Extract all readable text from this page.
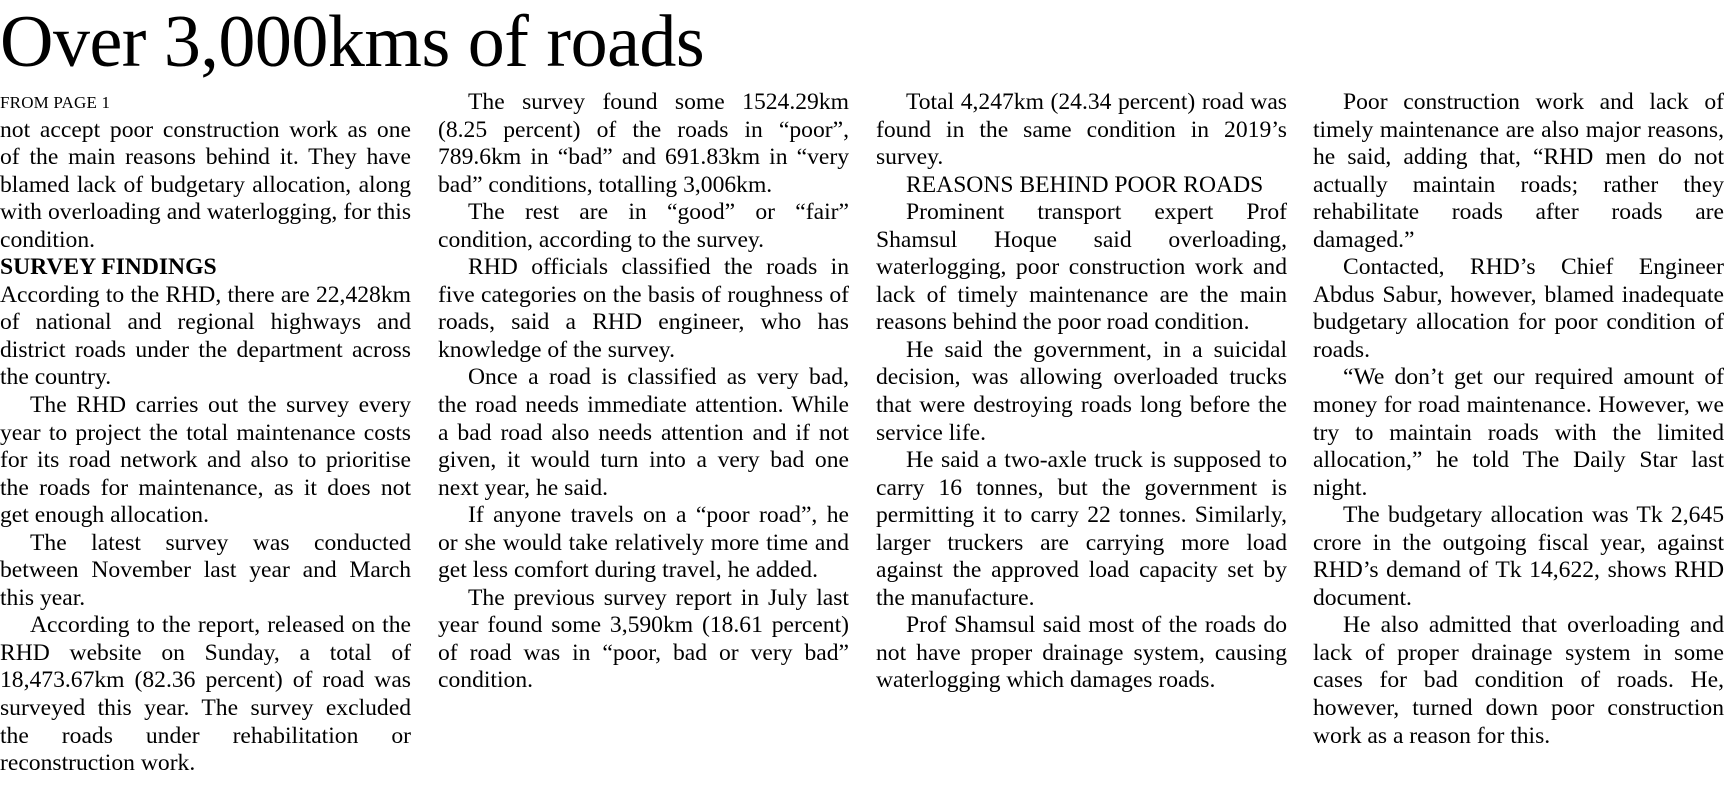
Over 3,000kms of roads

FROM PAGE 1

not accept poor construction work as one of the main reasons behind it. They have blamed lack of budgetary allocation, along with overloading and waterlogging, for this condition.

SURVEY FINDINGS

According to the RHD, there are 22,428km of national and regional highways and district roads under the department across the country.

The RHD carries out the survey every year to project the total maintenance costs for its road network and also to prioritise the roads for maintenance, as it does not get enough allocation.

The latest survey was conducted between November last year and March this year.

According to the report, released on the RHD website on Sunday, a total of 18,473.67km (82.36 percent) of road was surveyed this year. The survey excluded the roads under rehabilitation or reconstruction work.

The survey found some 1524.29km (8.25 percent) of the roads in “poor”, 789.6km in “bad” and 691.83km in “very bad” conditions, totalling 3,006km.

The rest are in “good” or “fair” condition, according to the survey.

RHD officials classified the roads in five categories on the basis of roughness of roads, said a RHD engineer, who has knowledge of the survey.

Once a road is classified as very bad, the road needs immediate attention. While a bad road also needs attention and if not given, it would turn into a very bad one next year, he said.

If anyone travels on a “poor road”, he or she would take relatively more time and get less comfort during travel, he added.

The previous survey report in July last year found some 3,590km (18.61 percent) of road was in “poor, bad or very bad” condition.

Total 4,247km (24.34 percent) road was found in the same condition in 2019’s survey.

REASONS BEHIND POOR ROADS

Prominent transport expert Prof Shamsul Hoque said overloading, waterlogging, poor construction work and lack of timely maintenance are the main reasons behind the poor road condition.

He said the government, in a suicidal decision, was allowing overloaded trucks that were destroying roads long before the service life.

He said a two-axle truck is supposed to carry 16 tonnes, but the government is permitting it to carry 22 tonnes. Similarly, larger truckers are carrying more load against the approved load capacity set by the manufacture.

Prof Shamsul said most of the roads do not have proper drainage system, causing waterlogging which damages roads.

Poor construction work and lack of timely maintenance are also major reasons, he said, adding that, “RHD men do not actually maintain roads; rather they rehabilitate roads after roads are damaged.”

Contacted, RHD’s Chief Engineer Abdus Sabur, however, blamed inadequate budgetary allocation for poor condition of roads.

“We don’t get our required amount of money for road maintenance. However, we try to maintain roads with the limited allocation,” he told The Daily Star last night.

The budgetary allocation was Tk 2,645 crore in the outgoing fiscal year, against RHD’s demand of Tk 14,622, shows RHD document.

He also admitted that overloading and lack of proper drainage system in some cases for bad condition of roads. He, however, turned down poor construction work as a reason for this.
